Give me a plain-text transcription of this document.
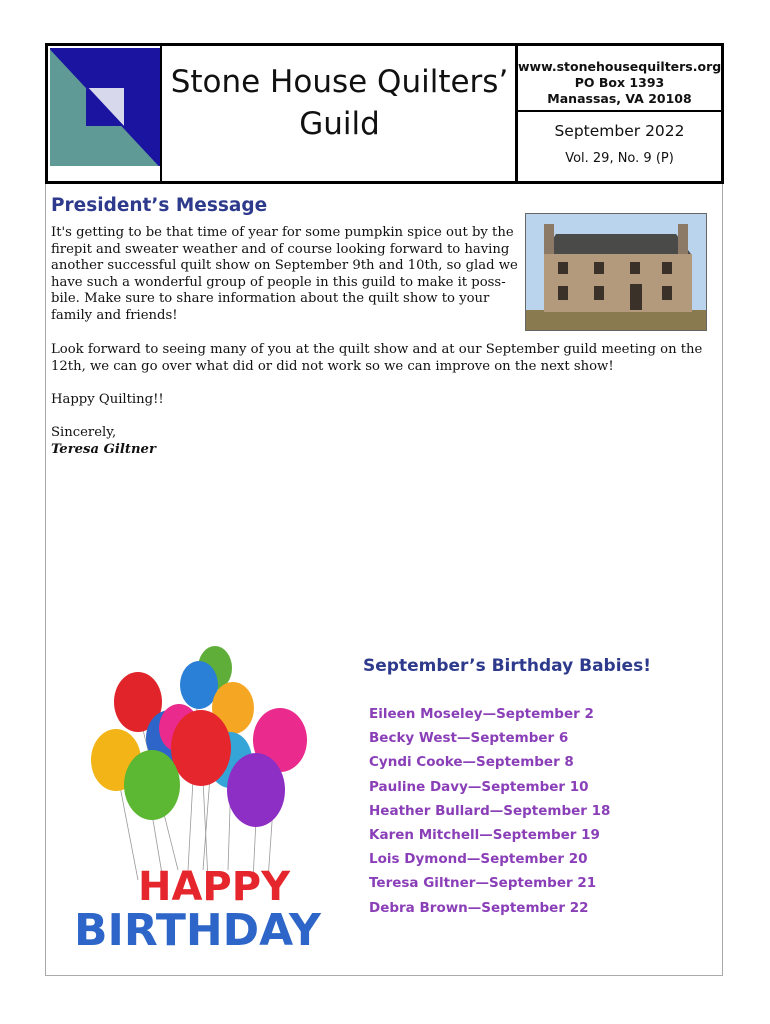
Stone House Quilters’
Guild
www.stonehousequilters.org
PO Box 1393
Manassas, VA 20108
September 2022
Vol. 29, No. 9 (P)
President’s Message

It's getting to be that time of year for some pumpkin spice out by the firepit and sweater weather and of course looking forward to having another successful quilt show on September 9th and 10th, so glad we have such a wonderful group of people in this guild to make it poss-bile. Make sure to share information about the quilt show to your family and friends!

Look forward to seeing many of you at the quilt show and at our September guild meeting on the 12th, we can go over what did or did not work so we can improve on the next show!

Happy Quilting!!

Sincerely,

Teresa Giltner

HAPPY
BIRTHDAY
September’s Birthday Babies!
Eileen Moseley—September 2
Becky West—September 6
Cyndi Cooke—September 8
Pauline Davy—September 10
Heather Bullard—September 18
Karen Mitchell—September 19
Lois Dymond—September 20
Teresa Giltner—September 21
Debra Brown—September 22
